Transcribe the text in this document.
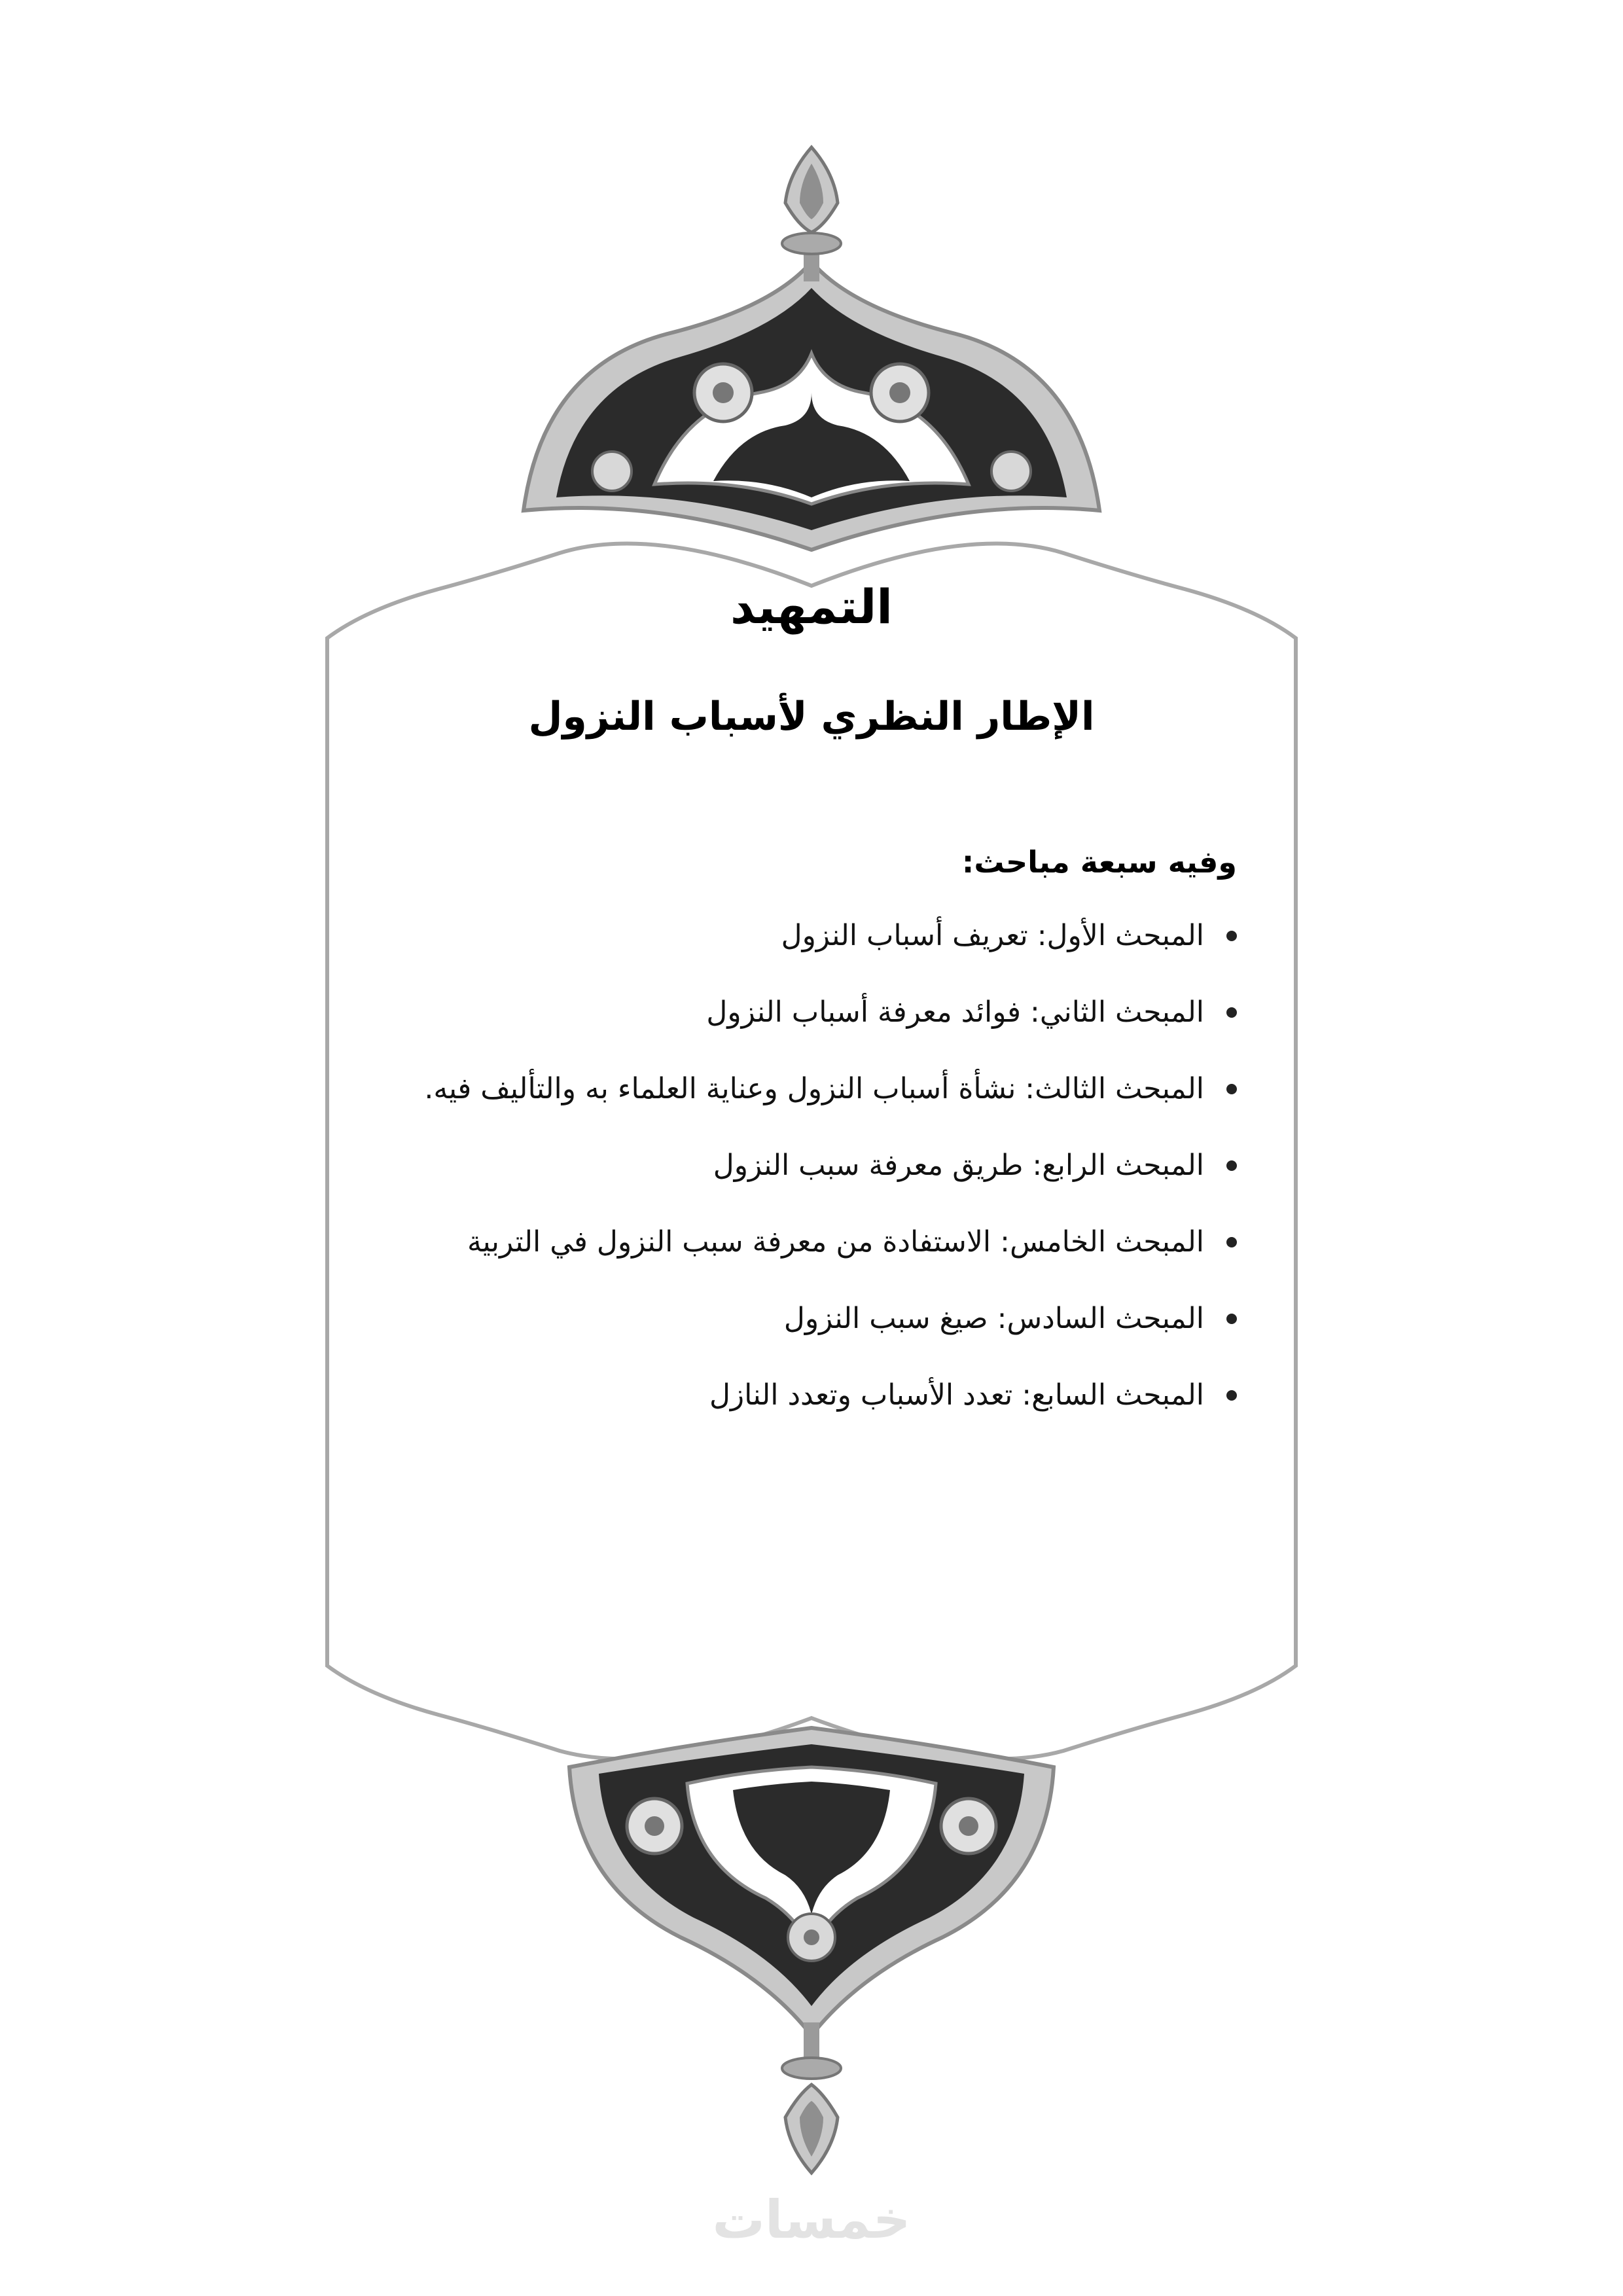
التمهيد
الإطار النظري لأسباب النزول
وفيه سبعة مباحث:
المبحث الأول: تعريف أسباب النزول
المبحث الثاني: فوائد معرفة أسباب النزول
المبحث الثالث: نشأة أسباب النزول وعناية العلماء به والتأليف فيه.
المبحث الرابع: طريق معرفة سبب النزول
المبحث الخامس: الاستفادة من معرفة سبب النزول في التربية
المبحث السادس: صيغ سبب النزول
المبحث السابع: تعدد الأسباب وتعدد النازل
خمسات
